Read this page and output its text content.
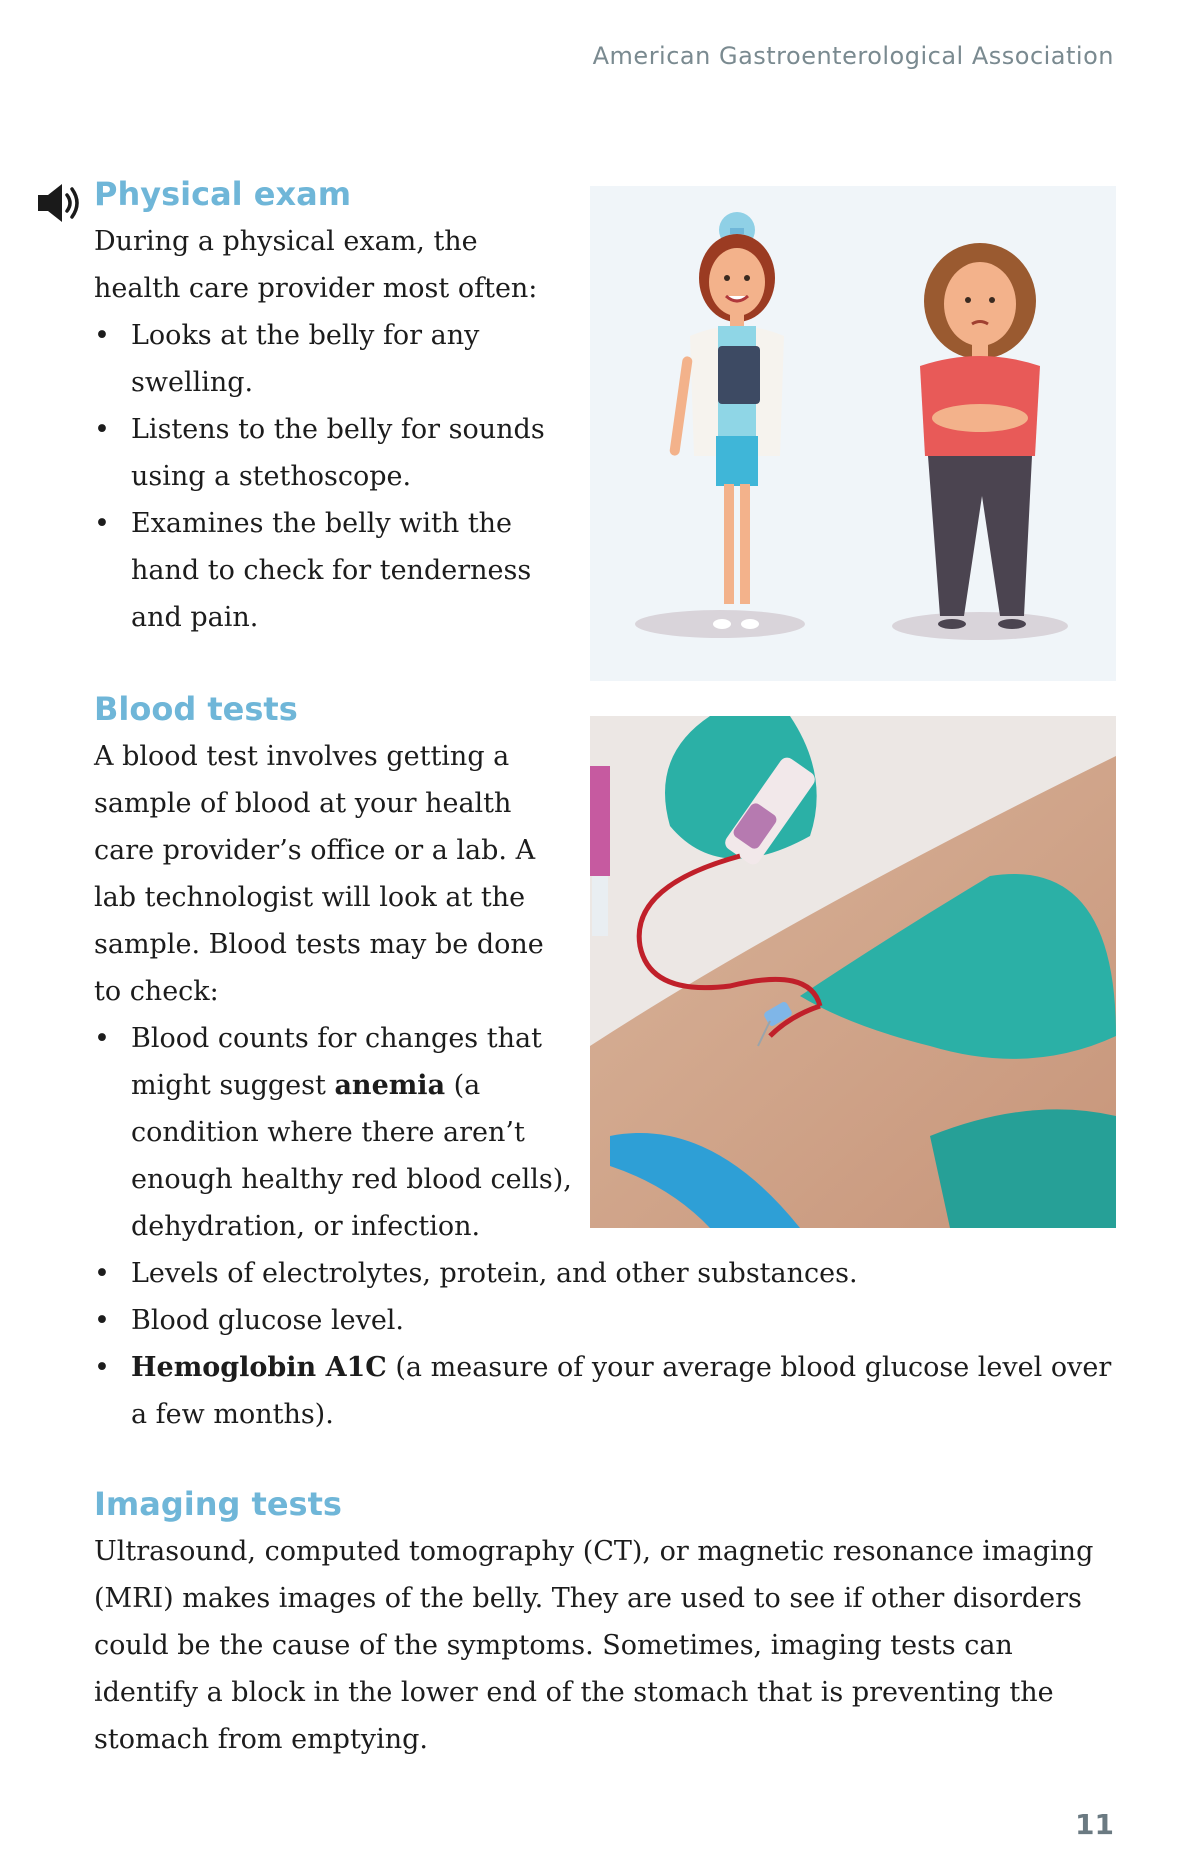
American Gastroenterological Association
Physical exam
During a physical exam, the
health care provider most often:
• Looks at the belly for any
swelling.
• Listens to the belly for sounds
using a stethoscope.
• Examines the belly with the
hand to check for tenderness
and pain.
Blood tests
A blood test involves getting a
sample of blood at your health
care provider’s office or a lab. A
lab technologist will look at the
sample. Blood tests may be done
to check:
• Blood counts for changes that
might suggest anemia (a
condition where there aren’t
enough healthy red blood cells),
dehydration, or infection.
• Levels of electrolytes, protein, and other substances.
• Blood glucose level.
• Hemoglobin A1C (a measure of your average blood glucose level over
a few months).
Imaging tests
Ultrasound, computed tomography (CT), or magnetic resonance imaging
(MRI) makes images of the belly. They are used to see if other disorders
could be the cause of the symptoms. Sometimes, imaging tests can
identify a block in the lower end of the stomach that is preventing the
stomach from emptying.
11
